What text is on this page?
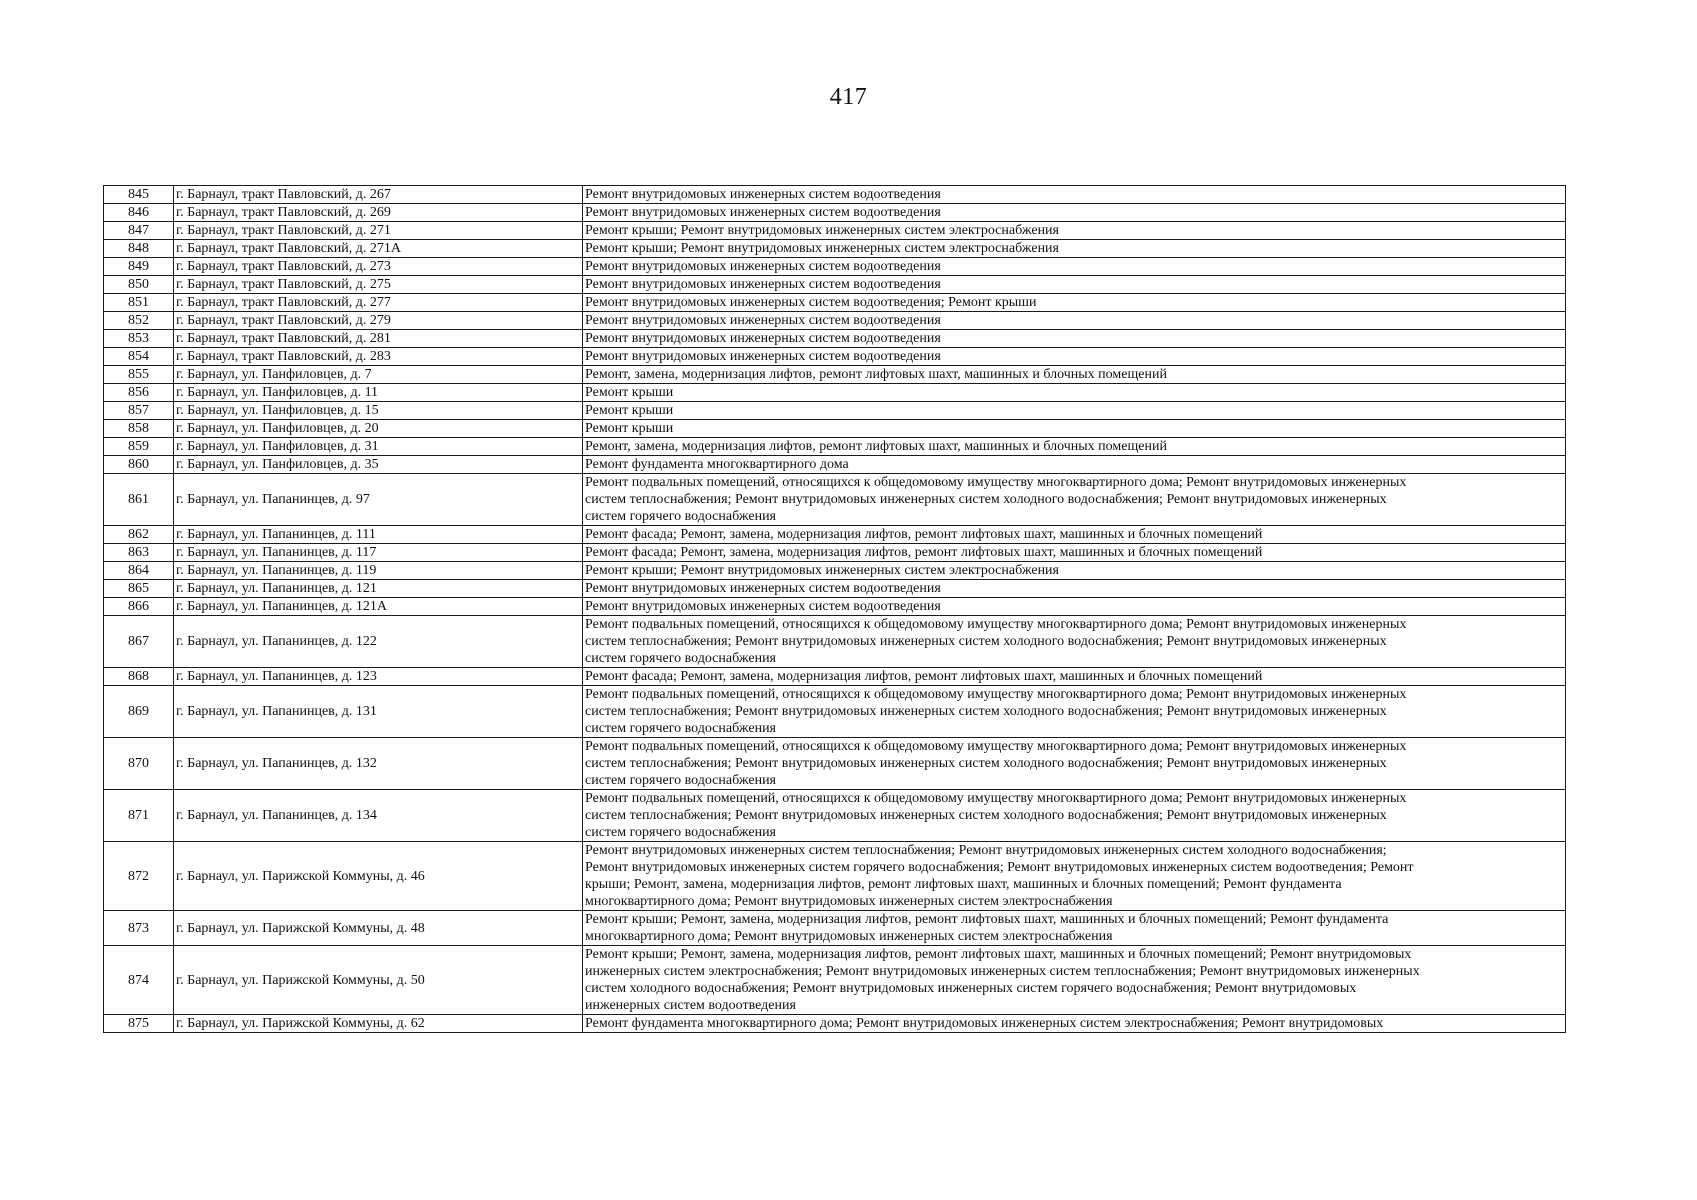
417
845	г. Барнаул, тракт Павловский, д. 267	Ремонт внутридомовых инженерных систем водоотведения
846	г. Барнаул, тракт Павловский, д. 269	Ремонт внутридомовых инженерных систем водоотведения
847	г. Барнаул, тракт Павловский, д. 271	Ремонт крыши; Ремонт внутридомовых инженерных систем электроснабжения
848	г. Барнаул, тракт Павловский, д. 271А	Ремонт крыши; Ремонт внутридомовых инженерных систем электроснабжения
849	г. Барнаул, тракт Павловский, д. 273	Ремонт внутридомовых инженерных систем водоотведения
850	г. Барнаул, тракт Павловский, д. 275	Ремонт внутридомовых инженерных систем водоотведения
851	г. Барнаул, тракт Павловский, д. 277	Ремонт внутридомовых инженерных систем водоотведения; Ремонт крыши
852	г. Барнаул, тракт Павловский, д. 279	Ремонт внутридомовых инженерных систем водоотведения
853	г. Барнаул, тракт Павловский, д. 281	Ремонт внутридомовых инженерных систем водоотведения
854	г. Барнаул, тракт Павловский, д. 283	Ремонт внутридомовых инженерных систем водоотведения
855	г. Барнаул, ул. Панфиловцев, д. 7	Ремонт, замена, модернизация лифтов, ремонт лифтовых шахт, машинных и блочных помещений
856	г. Барнаул, ул. Панфиловцев, д. 11	Ремонт крыши
857	г. Барнаул, ул. Панфиловцев, д. 15	Ремонт крыши
858	г. Барнаул, ул. Панфиловцев, д. 20	Ремонт крыши
859	г. Барнаул, ул. Панфиловцев, д. 31	Ремонт, замена, модернизация лифтов, ремонт лифтовых шахт, машинных и блочных помещений
860	г. Барнаул, ул. Панфиловцев, д. 35	Ремонт фундамента многоквартирного дома
861	г. Барнаул, ул. Папанинцев, д. 97	Ремонт подвальных помещений, относящихся к общедомовому имуществу многоквартирного дома; Ремонт внутридомовых инженерных
систем теплоснабжения; Ремонт внутридомовых инженерных систем холодного водоснабжения; Ремонт внутридомовых инженерных
систем горячего водоснабжения

862	г. Барнаул, ул. Папанинцев, д. 111	Ремонт фасада; Ремонт, замена, модернизация лифтов, ремонт лифтовых шахт, машинных и блочных помещений
863	г. Барнаул, ул. Папанинцев, д. 117	Ремонт фасада; Ремонт, замена, модернизация лифтов, ремонт лифтовых шахт, машинных и блочных помещений
864	г. Барнаул, ул. Папанинцев, д. 119	Ремонт крыши; Ремонт внутридомовых инженерных систем электроснабжения
865	г. Барнаул, ул. Папанинцев, д. 121	Ремонт внутридомовых инженерных систем водоотведения
866	г. Барнаул, ул. Папанинцев, д. 121А	Ремонт внутридомовых инженерных систем водоотведения
867	г. Барнаул, ул. Папанинцев, д. 122	Ремонт подвальных помещений, относящихся к общедомовому имуществу многоквартирного дома; Ремонт внутридомовых инженерных
систем теплоснабжения; Ремонт внутридомовых инженерных систем холодного водоснабжения; Ремонт внутридомовых инженерных
систем горячего водоснабжения

868	г. Барнаул, ул. Папанинцев, д. 123	Ремонт фасада; Ремонт, замена, модернизация лифтов, ремонт лифтовых шахт, машинных и блочных помещений
869	г. Барнаул, ул. Папанинцев, д. 131	Ремонт подвальных помещений, относящихся к общедомовому имуществу многоквартирного дома; Ремонт внутридомовых инженерных
систем теплоснабжения; Ремонт внутридомовых инженерных систем холодного водоснабжения; Ремонт внутридомовых инженерных
систем горячего водоснабжения

870	г. Барнаул, ул. Папанинцев, д. 132	Ремонт подвальных помещений, относящихся к общедомовому имуществу многоквартирного дома; Ремонт внутридомовых инженерных
систем теплоснабжения; Ремонт внутридомовых инженерных систем холодного водоснабжения; Ремонт внутридомовых инженерных
систем горячего водоснабжения

871	г. Барнаул, ул. Папанинцев, д. 134	Ремонт подвальных помещений, относящихся к общедомовому имуществу многоквартирного дома; Ремонт внутридомовых инженерных
систем теплоснабжения; Ремонт внутридомовых инженерных систем холодного водоснабжения; Ремонт внутридомовых инженерных
систем горячего водоснабжения

872	г. Барнаул, ул. Парижской Коммуны, д. 46	Ремонт внутридомовых инженерных систем теплоснабжения; Ремонт внутридомовых инженерных систем холодного водоснабжения;
Ремонт внутридомовых инженерных систем горячего водоснабжения; Ремонт внутридомовых инженерных систем водоотведения; Ремонт
крыши; Ремонт, замена, модернизация лифтов, ремонт лифтовых шахт, машинных и блочных помещений; Ремонт фундамента
многоквартирного дома; Ремонт внутридомовых инженерных систем электроснабжения

873	г. Барнаул, ул. Парижской Коммуны, д. 48	Ремонт крыши; Ремонт, замена, модернизация лифтов, ремонт лифтовых шахт, машинных и блочных помещений; Ремонт фундамента
многоквартирного дома; Ремонт внутридомовых инженерных систем электроснабжения

874	г. Барнаул, ул. Парижской Коммуны, д. 50	Ремонт крыши; Ремонт, замена, модернизация лифтов, ремонт лифтовых шахт, машинных и блочных помещений; Ремонт внутридомовых
инженерных систем электроснабжения; Ремонт внутридомовых инженерных систем теплоснабжения; Ремонт внутридомовых инженерных
систем холодного водоснабжения; Ремонт внутридомовых инженерных систем горячего водоснабжения; Ремонт внутридомовых
инженерных систем водоотведения

875	г. Барнаул, ул. Парижской Коммуны, д. 62	Ремонт фундамента многоквартирного дома; Ремонт внутридомовых инженерных систем электроснабжения; Ремонт внутридомовых
